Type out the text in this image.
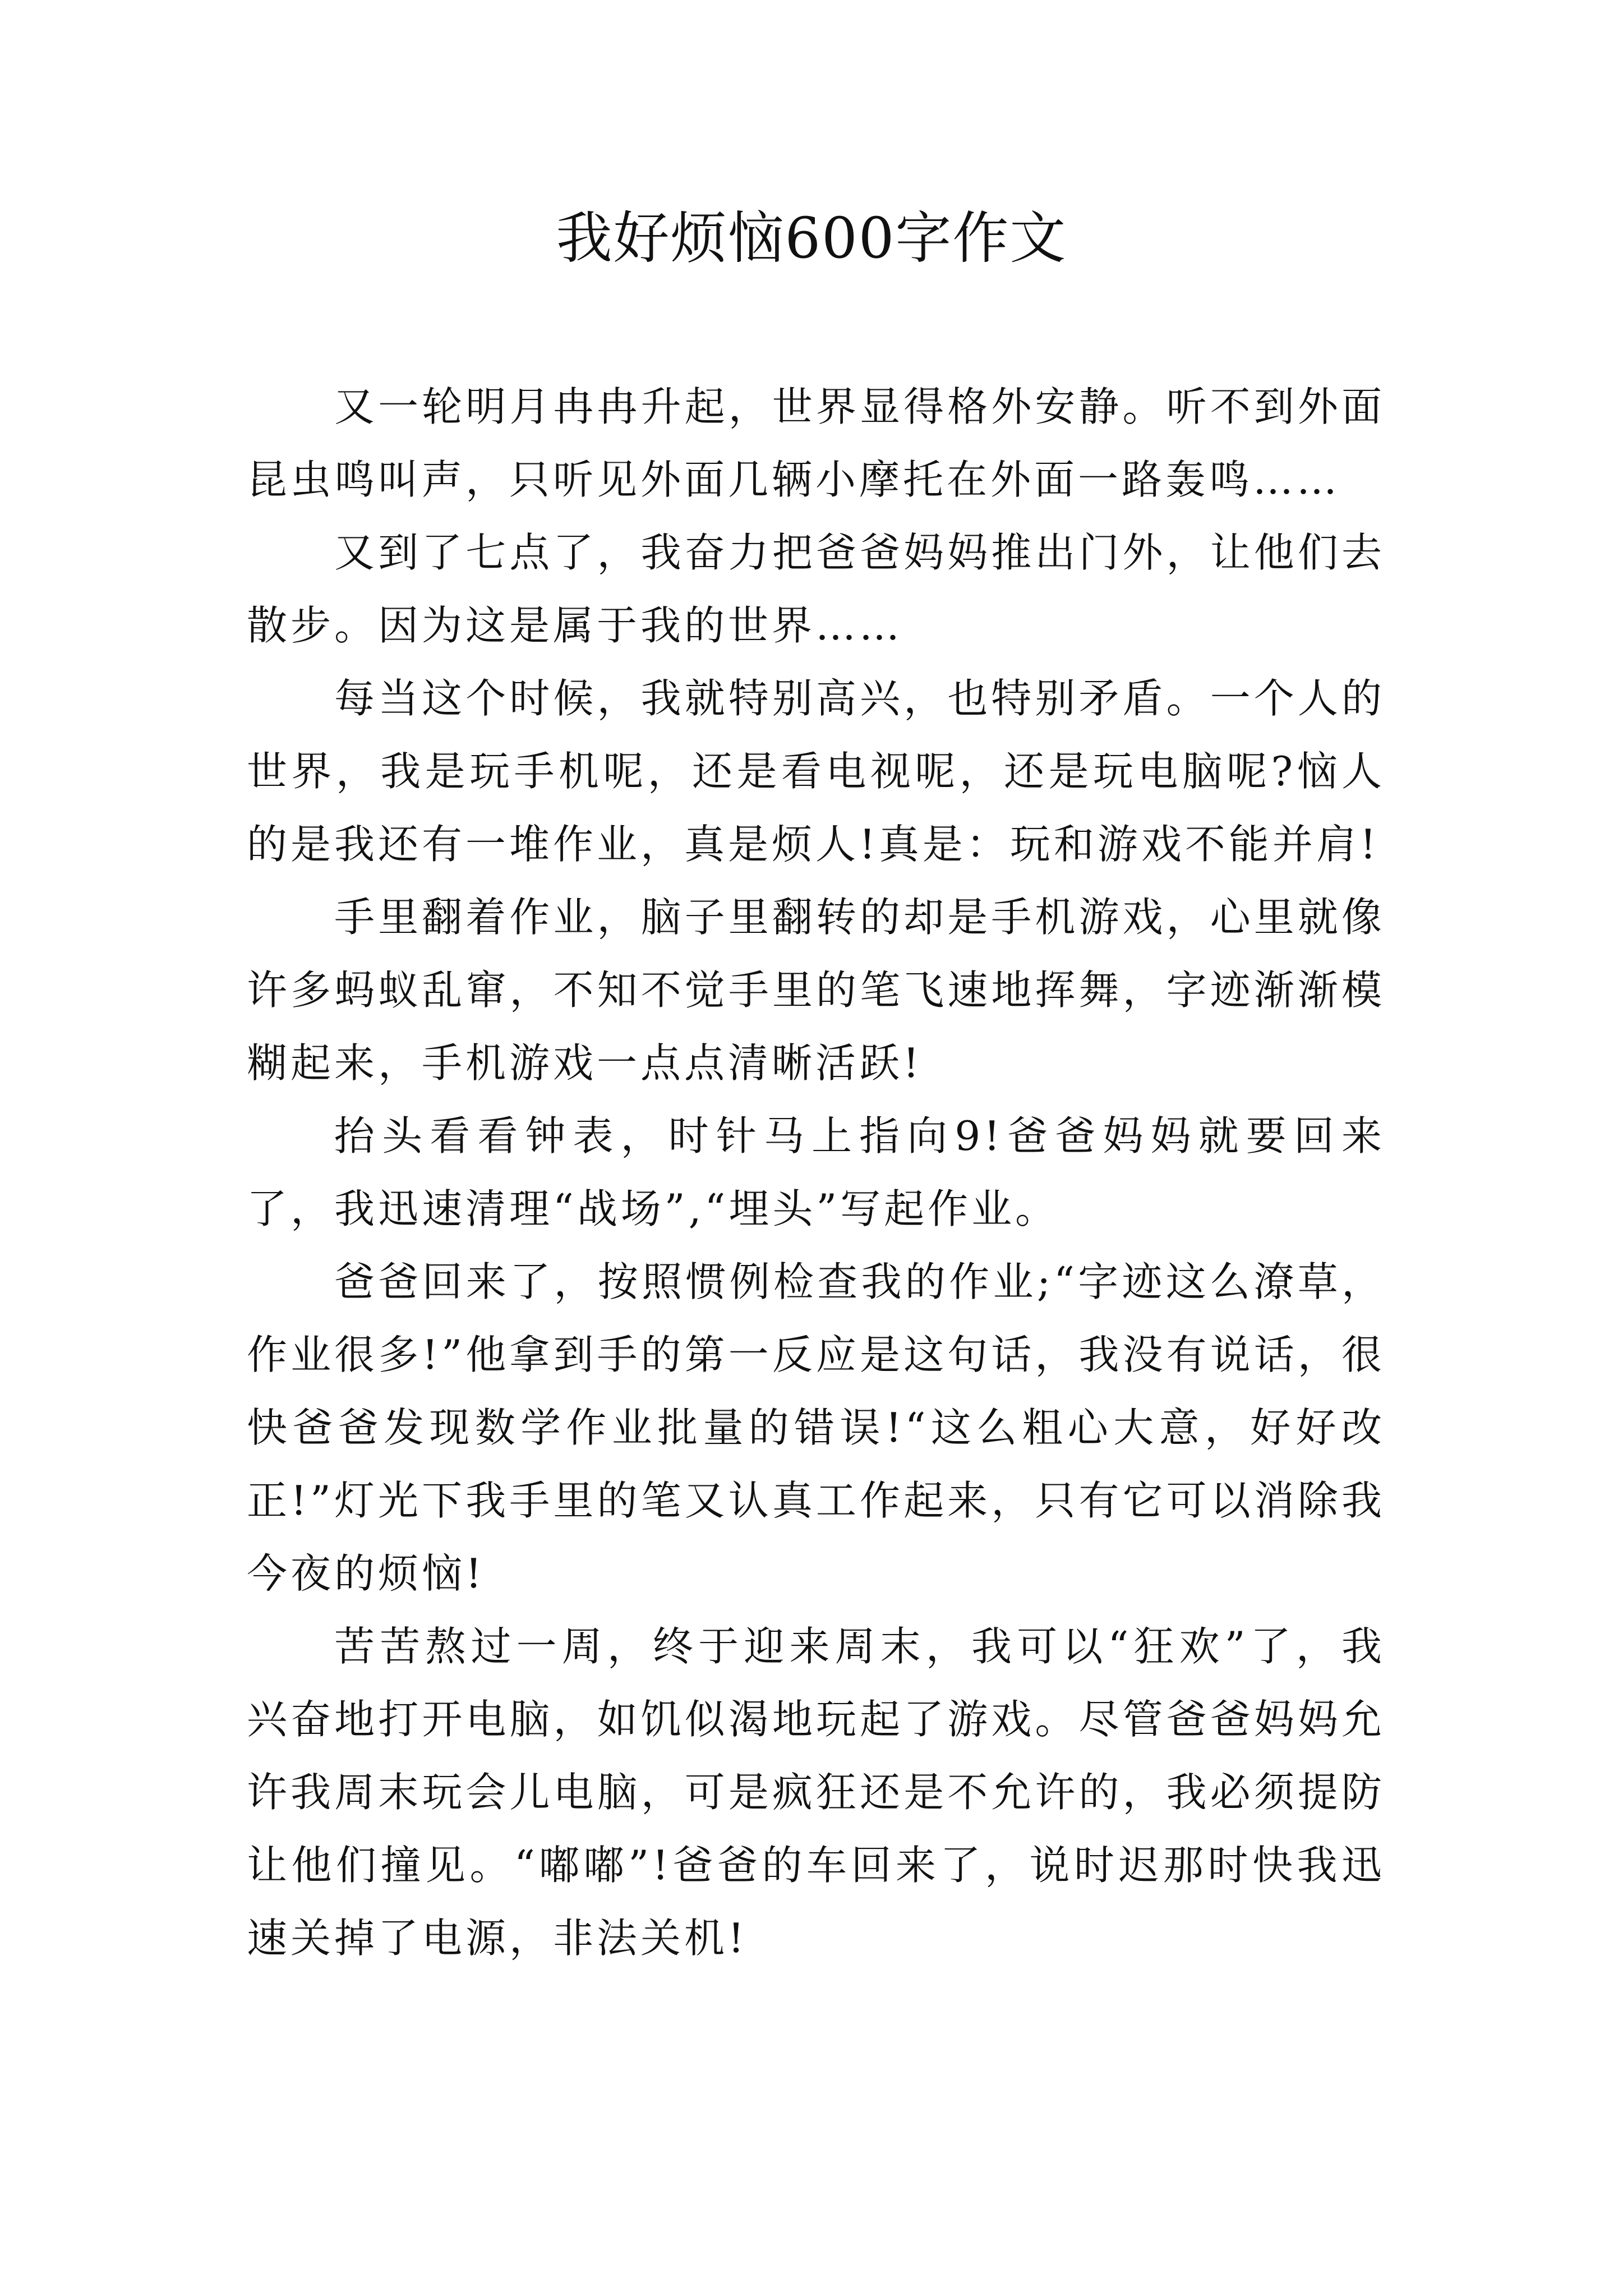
我好烦恼600字作文

又一轮明月冉冉升起，世界显得格外安静。听不到外面昆虫鸣叫声，只听见外面几辆小摩托在外面一路轰鸣……

又到了七点了，我奋力把爸爸妈妈推出门外，让他们去散步。因为这是属于我的世界……

每当这个时候，我就特别高兴，也特别矛盾。一个人的世界，我是玩手机呢，还是看电视呢，还是玩电脑呢?恼人的是我还有一堆作业，真是烦人!真是：玩和游戏不能并肩!

手里翻着作业，脑子里翻转的却是手机游戏，心里就像许多蚂蚁乱窜，不知不觉手里的笔飞速地挥舞，字迹渐渐模糊起来，手机游戏一点点清晰活跃!

抬头看看钟表，时针马上指向9!爸爸妈妈就要回来了，我迅速清理“战场”,“埋头”写起作业。

爸爸回来了，按照惯例检查我的作业;“字迹这么潦草，作业很多!”他拿到手的第一反应是这句话，我没有说话，很快爸爸发现数学作业批量的错误!“这么粗心大意，好好改正!”灯光下我手里的笔又认真工作起来，只有它可以消除我今夜的烦恼!

苦苦熬过一周，终于迎来周末，我可以“狂欢”了，我兴奋地打开电脑，如饥似渴地玩起了游戏。尽管爸爸妈妈允许我周末玩会儿电脑，可是疯狂还是不允许的，我必须提防让他们撞见。“嘟嘟”!爸爸的车回来了，说时迟那时快我迅速关掉了电源，非法关机!
